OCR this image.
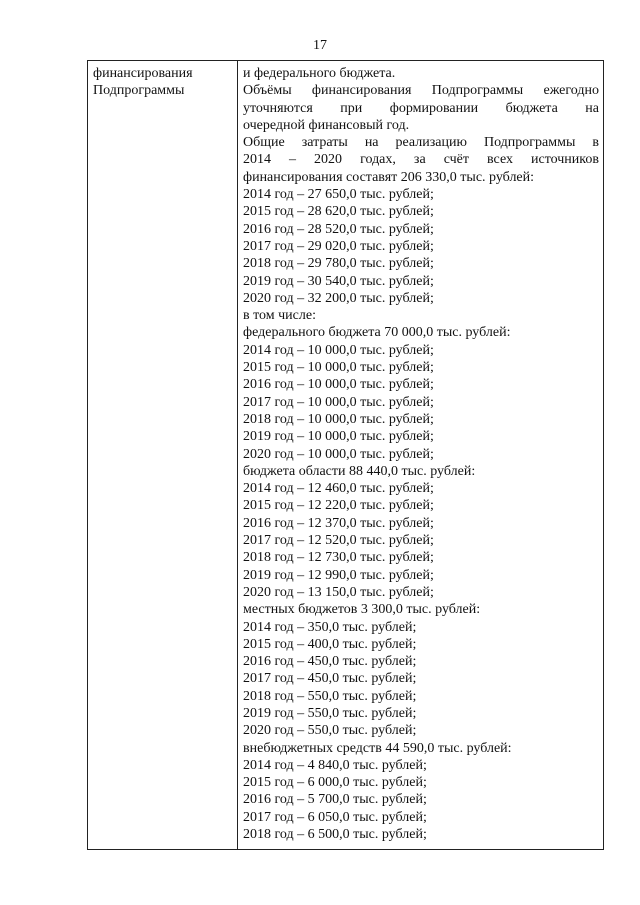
17
финансирования
Подпрограммы
и федерального бюджета.
Объёмы финансирования Подпрограммы ежегодно
уточняются при формировании бюджета на
очередной финансовый год.
Общие затраты на реализацию Подпрограммы в
2014 – 2020 годах, за счёт всех источников
финансирования составят 206 330,0 тыс. рублей:
2014 год – 27 650,0 тыс. рублей;
2015 год – 28 620,0 тыс. рублей;
2016 год – 28 520,0 тыс. рублей;
2017 год – 29 020,0 тыс. рублей;
2018 год – 29 780,0 тыс. рублей;
2019 год – 30 540,0 тыс. рублей;
2020 год – 32 200,0 тыс. рублей;
в том числе:
федерального бюджета 70 000,0 тыс. рублей:
2014 год – 10 000,0 тыс. рублей;
2015 год – 10 000,0 тыс. рублей;
2016 год – 10 000,0 тыс. рублей;
2017 год – 10 000,0 тыс. рублей;
2018 год – 10 000,0 тыс. рублей;
2019 год – 10 000,0 тыс. рублей;
2020 год – 10 000,0 тыс. рублей;
бюджета области 88 440,0 тыс. рублей:
2014 год – 12 460,0 тыс. рублей;
2015 год – 12 220,0 тыс. рублей;
2016 год – 12 370,0 тыс. рублей;
2017 год – 12 520,0 тыс. рублей;
2018 год – 12 730,0 тыс. рублей;
2019 год – 12 990,0 тыс. рублей;
2020 год – 13 150,0 тыс. рублей;
местных бюджетов 3 300,0 тыс. рублей:
2014 год – 350,0 тыс. рублей;
2015 год – 400,0 тыс. рублей;
2016 год – 450,0 тыс. рублей;
2017 год – 450,0 тыс. рублей;
2018 год – 550,0 тыс. рублей;
2019 год – 550,0 тыс. рублей;
2020 год – 550,0 тыс. рублей;
внебюджетных средств 44 590,0 тыс. рублей:
2014 год – 4 840,0 тыс. рублей;
2015 год – 6 000,0 тыс. рублей;
2016 год – 5 700,0 тыс. рублей;
2017 год – 6 050,0 тыс. рублей;
2018 год – 6 500,0 тыс. рублей;
